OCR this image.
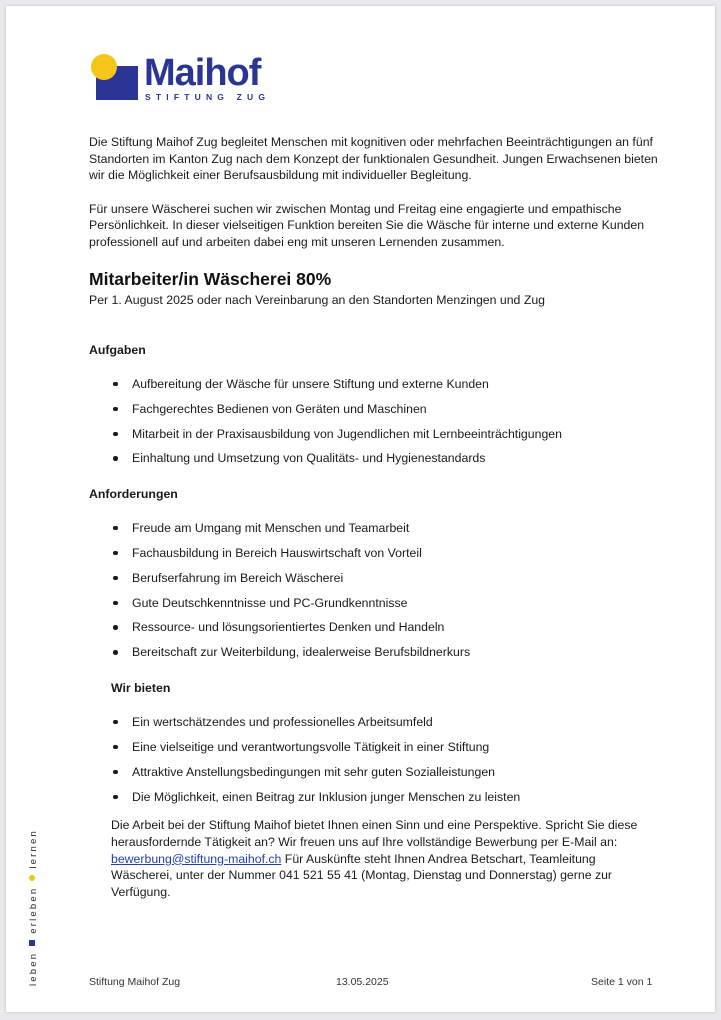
Maihof
STIFTUNG ZUG

Die Stiftung Maihof Zug begleitet Menschen mit kognitiven oder mehrfachen Beeinträchtigungen an fünf Standorten im Kanton Zug nach dem Konzept der funktionalen Gesundheit. Jungen Erwachsenen bieten wir die Möglichkeit einer Berufsausbildung mit individueller Begleitung.

Für unsere Wäscherei suchen wir zwischen Montag und Freitag eine engagierte und empathische Persönlichkeit. In dieser vielseitigen Funktion bereiten Sie die Wäsche für interne und externe Kunden professionell auf und arbeiten dabei eng mit unseren Lernenden zusammen.

Mitarbeiter/in Wäscherei 80%

Per 1. August 2025 oder nach Vereinbarung an den Standorten Menzingen und Zug

Aufgaben
Aufbereitung der Wäsche für unsere Stiftung und externe Kunden
Fachgerechtes Bedienen von Geräten und Maschinen
Mitarbeit in der Praxisausbildung von Jugendlichen mit Lernbeeinträchtigungen
Einhaltung und Umsetzung von Qualitäts- und Hygienestandards
Anforderungen
Freude am Umgang mit Menschen und Teamarbeit
Fachausbildung in Bereich Hauswirtschaft von Vorteil
Berufserfahrung im Bereich Wäscherei
Gute Deutschkenntnisse und PC-Grundkenntnisse
Ressource- und lösungsorientiertes Denken und Handeln
Bereitschaft zur Weiterbildung, idealerweise Berufsbildnerkurs
Wir bieten
Ein wertschätzendes und professionelles Arbeitsumfeld
Eine vielseitige und verantwortungsvolle Tätigkeit in einer Stiftung
Attraktive Anstellungsbedingungen mit sehr guten Sozialleistungen
Die Möglichkeit, einen Beitrag zur Inklusion junger Menschen zu leisten

Die Arbeit bei der Stiftung Maihof bietet Ihnen einen Sinn und eine Perspektive. Spricht Sie diese herausfordernde Tätigkeit an? Wir freuen uns auf Ihre vollständige Bewerbung per E-Mail an: bewerbung@stiftung-maihof.ch Für Auskünfte steht Ihnen Andrea Betschart, Teamleitung Wäscherei, unter der Nummer 041 521 55 41 (Montag, Dienstag und Donnerstag) gerne zur Verfügung.

lebenerlebenlernen
Stiftung Maihof Zug	13.05.2025	Seite 1 von 1
